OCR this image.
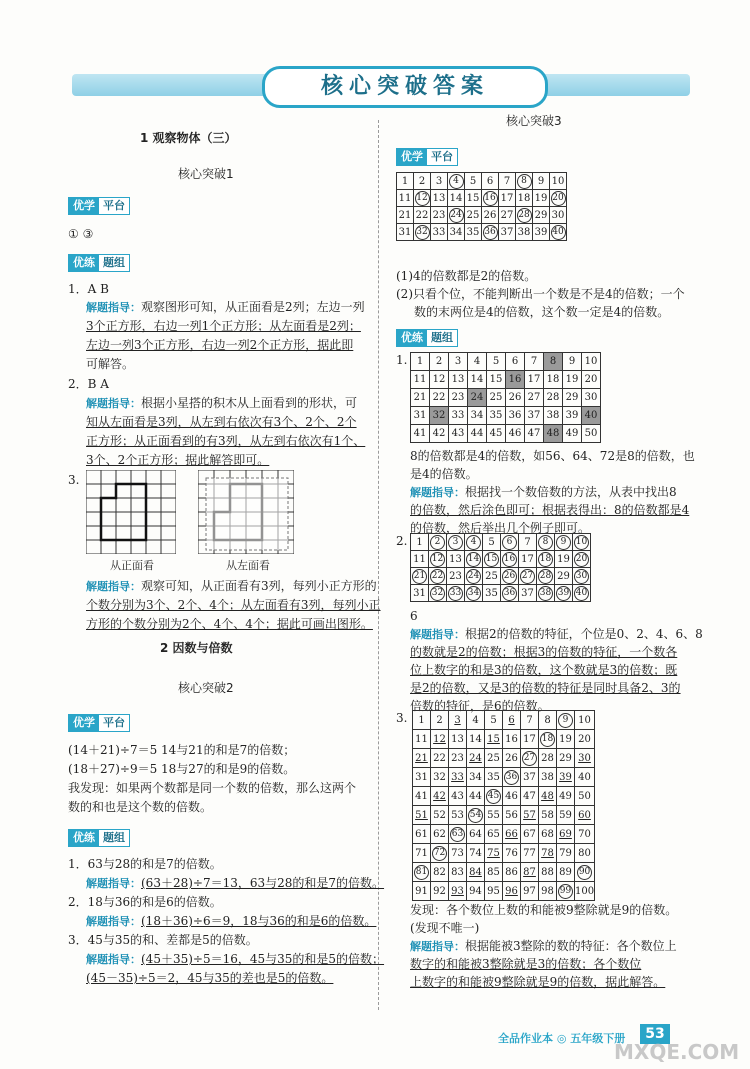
核心突破答案
1 观察物体（三）
核心突破1
优学 平台
① ③
优练 题组
1．A B
解题指导：观察图形可知，从正面看是2列；左边一列
3个正方形，右边一列1个正方形；从左面看是2列；
左边一列3个正方形，右边一列2个正方形，据此即
可解答。
2．B A
解题指导：根据小星搭的积木从上面看到的形状，可
知从左面看是3列，从左到右依次有3个、2个、2个
正方形；从正面看到的有3列，从左到右依次有1个、
3个、2个正方形；据此解答即可。
3.
从正面看	从左面看
解题指导：观察可知，从正面看有3列，每列小正方形的
个数分别为3个、2个、4个；从左面看有3列，每列小正
方形的个数分别为2个、4个、4个；据此可画出图形。
2 因数与倍数
核心突破2
优学 平台
(14＋21)÷7＝5 14与21的和是7的倍数；
(18＋27)÷9＝5 18与27的和是9的倍数。
我发现：如果两个数都是同一个数的倍数，那么这两个
数的和也是这个数的倍数。
优练 题组
1．63与28的和是7的倍数。
解题指导：(63＋28)÷7＝13，63与28的和是7的倍数。
2．18与36的和是6的倍数。
解题指导：(18＋36)÷6＝9，18与36的和是6的倍数。
3．45与35的和、差都是5的倍数。
解题指导：(45＋35)÷5＝16，45与35的和是5的倍数；
(45－35)÷5＝2，45与35的差也是5的倍数。
核心突破3
优学 平台
1	2	3	4	5	6	7	8	9	10
11	12	13	14	15	16	17	18	19	20
21	22	23	24	25	26	27	28	29	30
31	32	33	34	35	36	37	38	39	40
(1)4的倍数都是2的倍数。
(2)只看个位，不能判断出一个数是不是4的倍数；一个
数的末两位是4的倍数，这个数一定是4的倍数。
优练 题组
1. 1	2	3	4	5	6	7	8	9	10
11	12	13	14	15	16	17	18	19	20
21	22	23	24	25	26	27	28	29	30
31	32	33	34	35	36	37	38	39	40
41	42	43	44	45	46	47	48	49	50
8的倍数都是4的倍数，如56、64、72是8的倍数，也
是4的倍数。
解题指导：根据找一个数倍数的方法，从表中找出8
的倍数，然后涂色即可；根据表得出：8的倍数都是4
的倍数，然后举出几个例子即可。
2. 1	2	3	4	5	6	7	8	9	10
11	12	13	14	15	16	17	18	19	20
21	22	23	24	25	26	27	28	29	30
31	32	33	34	35	36	37	38	39	40
6
解题指导：根据2的倍数的特征，个位是0、2、4、6、8
的数就是2的倍数；根据3的倍数的特征，一个数各
位上数字的和是3的倍数，这个数就是3的倍数；既
是2的倍数，又是3的倍数的特征是同时具备2、3的
倍数的特征，是6的倍数。
3. 1	2	3	4	5	6	7	8	9	10
11	12	13	14	15	16	17	18	19	20
21	22	23	24	25	26	27	28	29	30
31	32	33	34	35	36	37	38	39	40
41	42	43	44	45	46	47	48	49	50
51	52	53	54	55	56	57	58	59	60
61	62	63	64	65	66	67	68	69	70
71	72	73	74	75	76	77	78	79	80
81	82	83	84	85	86	87	88	89	90
91	92	93	94	95	96	97	98	99	100
发现：各个数位上数的和能被9整除就是9的倍数。
(发现不唯一)
解题指导：根据能被3整除的数的特征：各个数位上
数字的和能被3整除就是3的倍数；各个数位
上数字的和能被9整除就是9的倍数，据此解答。
全品作业本 ◎ 五年级下册	53
MXQE.COM
